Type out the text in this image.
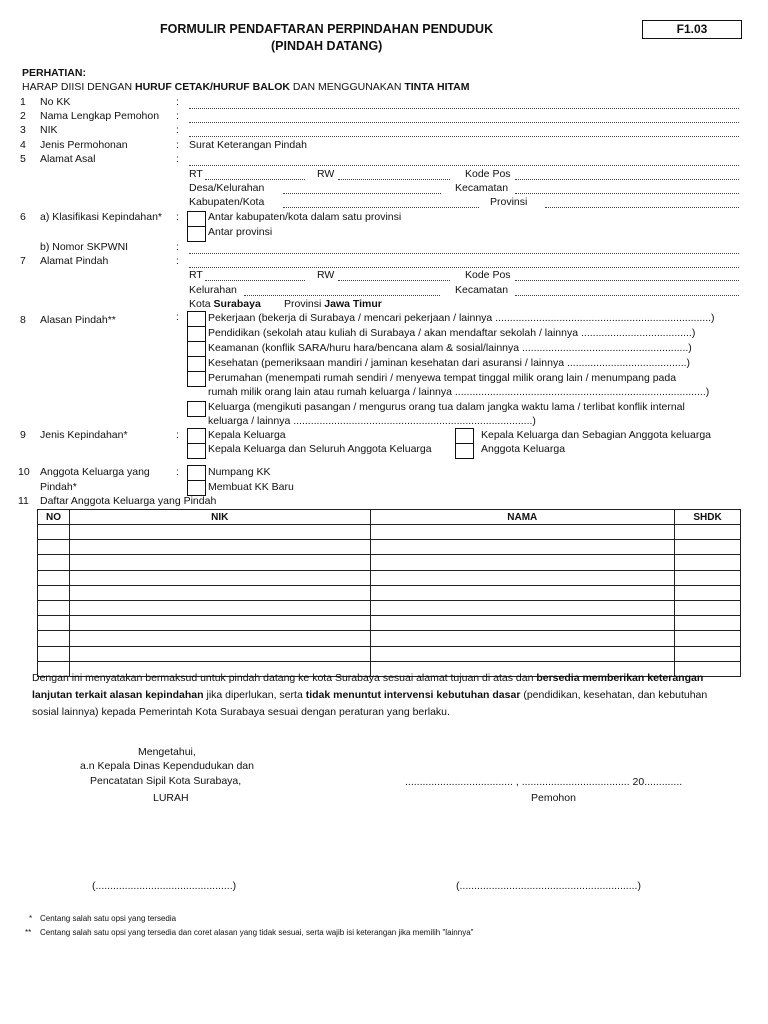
FORMULIR PENDAFTARAN PERPINDAHAN PENDUDUK
(PINDAH DATANG)
F1.03
PERHATIAN:
HARAP DIISI DENGAN HURUF CETAK/HURUF BALOK DAN MENGGUNAKAN TINTA HITAM
1 No KK	:
2 Nama Lengkap Pemohon :
3 NIK	:
4 Jenis Permohonan	: Surat Keterangan Pindah
5 Alamat Asal	:
RT	RW	Kode Pos
Desa/Kelurahan	Kecamatan
Kabupaten/Kota	Provinsi
6 a) Klasifikasi Kepindahan* :	Antar kabupaten/kota dalam satu provinsi
Antar provinsi
b) Nomor SKPWNI	:
7 Alamat Pindah	:
RT	RW	Kode Pos
Kelurahan	Kecamatan
Kota Surabaya Provinsi Jawa Timur
8 Alasan Pindah**	:	Pekerjaan (bekerja di Surabaya / mencari pekerjaan / lainnya ..........................................................................)
Pendidikan (sekolah atau kuliah di Surabaya / akan mendaftar sekolah / lainnya ......................................)
Keamanan (konflik SARA/huru hara/bencana alam & sosial/lainnya .........................................................)
Kesehatan (pemeriksaan mandiri / jaminan kesehatan dari asuransi / lainnya .........................................)
Perumahan (menempati rumah sendiri / menyewa tempat tinggal milik orang lain / menumpang pada
rumah milik orang lain atau rumah keluarga / lainnya ......................................................................................)
Keluarga (mengikuti pasangan / mengurus orang tua dalam jangka waktu lama / terlibat konflik internal
keluarga / lainnya ..................................................................................)
9 Jenis Kepindahan*	:	Kepala Keluarga	Kepala Keluarga dan Sebagian Anggota keluarga
Kepala Keluarga dan Seluruh Anggota Keluarga	Anggota Keluarga
10 Anggota Keluarga yang
Pindah*
:	Numpang KK
Membuat KK Baru
11 Daftar Anggota Keluarga yang Pindah
NO	NIK	NAMA	SHDK

Dengan ini menyatakan bermaksud untuk pindah datang ke kota Surabaya sesuai alamat tujuan di atas dan bersedia memberikan keterangan lanjutan terkait alasan kepindahan jika diperlukan, serta tidak menuntut intervensi kebutuhan dasar (pendidikan, kesehatan, dan kebutuhan sosial lainnya) kepada Pemerintah Kota Surabaya sesuai dengan peraturan yang berlaku.
Mengetahui,
a.n Kepala Dinas Kependudukan dan
Pencatatan Sipil Kota Surabaya,
LURAH
..................................... , ..................................... 20.............
Pemohon
(...............................................)	(.............................................................)
* Centang salah satu opsi yang tersedia
** Centang salah satu opsi yang tersedia dan coret alasan yang tidak sesuai, serta wajib isi keterangan jika memilih "lainnya"
